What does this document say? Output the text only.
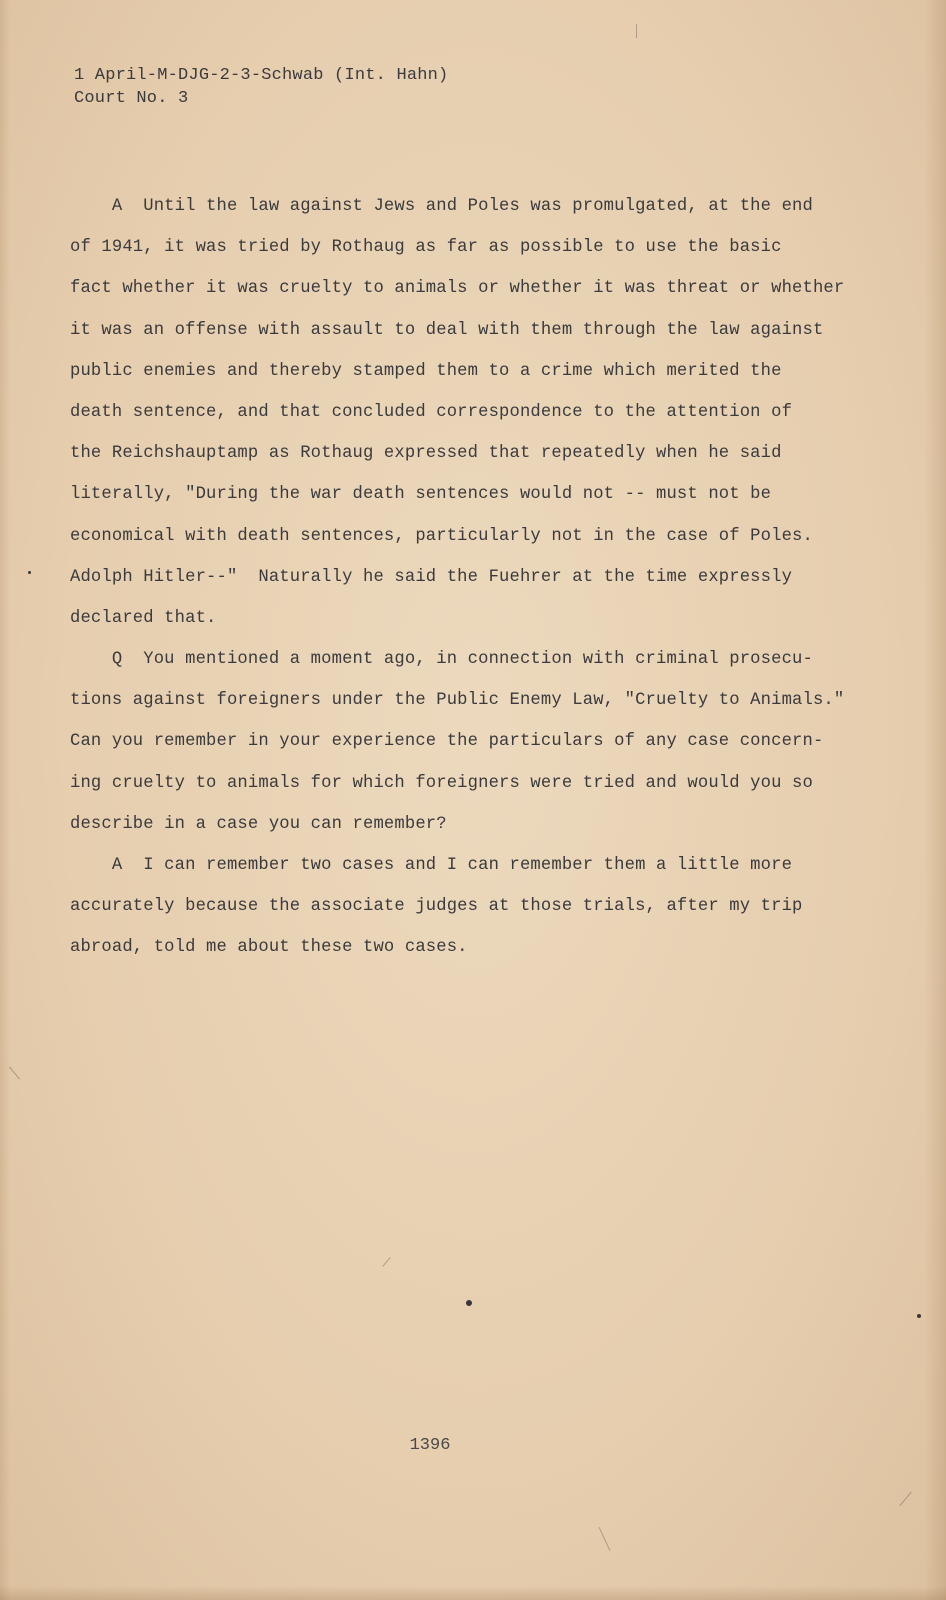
1 April-M-DJG-2-3-Schwab (Int. Hahn)
Court No. 3
A  Until the law against Jews and Poles was promulgated, at the end
of 1941, it was tried by Rothaug as far as possible to use the basic
fact whether it was cruelty to animals or whether it was threat or whether
it was an offense with assault to deal with them through the law against
public enemies and thereby stamped them to a crime which merited the
death sentence, and that concluded correspondence to the attention of
the Reichshauptamp as Rothaug expressed that repeatedly when he said
literally, "During the war death sentences would not -- must not be
economical with death sentences, particularly not in the case of Poles.
Adolph Hitler--"  Naturally he said the Fuehrer at the time expressly
declared that.
Q  You mentioned a moment ago, in connection with criminal prosecu-
tions against foreigners under the Public Enemy Law, "Cruelty to Animals."
Can you remember in your experience the particulars of any case concern-
ing cruelty to animals for which foreigners were tried and would you so
describe in a case you can remember?
A  I can remember two cases and I can remember them a little more
accurately because the associate judges at those trials, after my trip
abroad, told me about these two cases.
1396
